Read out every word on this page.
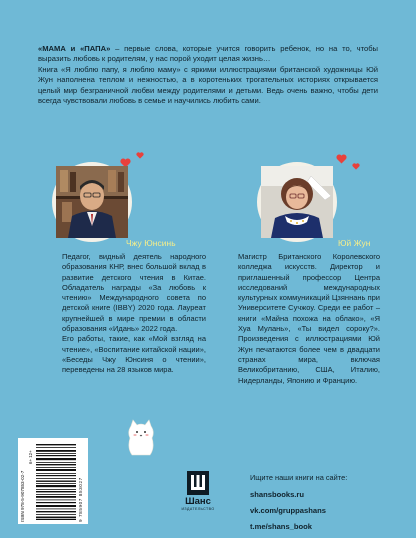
«МАМА и «ПАПА» – первые слова, которые учится говорить ребенок, но на то, чтобы выразить любовь к родителям, у нас порой уходит целая жизнь…

Книга «Я люблю папу, я люблю маму» с яркими иллюстрациями британской художницы Юй Жун наполнена теплом и нежностью, а в коротеньких трогательных историях открывается целый мир безграничной любви между родителями и детьми. Ведь очень важно, чтобы дети всегда чувствовали любовь в семье и научились любить сами.

Чжу Юнсинь	Юй Жун

Педагог, видный деятель народного образования КНР, внес большой вклад в развитие детского чтения в Китае. Обладатель награды «За любовь к чтению» Международного совета по детской книге (IBBY) 2020 года. Лауреат крупнейшей в мире премии в области образования «Идань» 2022 года.

Его работы, такие, как «Мой взгляд на чтение», «Воспитание китайской нации», «Беседы Чжу Юнсиня о чтении», переведены на 28 языков мира.

Магистр Британского Королевского колледжа искусств. Директор и приглашенный профессор Центра исследований международных культурных коммуникаций Цзяннань при Университете Сучжоу. Среди ее работ – книги «Майна похожа на облако», «Я Хуа Мулань», «Ты видел сороку?». Произведения с иллюстрациями Юй Жун печатаются более чем в двадцати странах мира, включая Великобританию, США, Италию, Нидерланды, Японию и Францию.

ISBN 978-5-907853-02-7
6+ 12+
9 785907 853027	Шанс
ИЗДАТЕЛЬСТВО
Ищите наши книги на сайте:
shansbooks.ru
vk.com/gruppashans
t.me/shans_book
